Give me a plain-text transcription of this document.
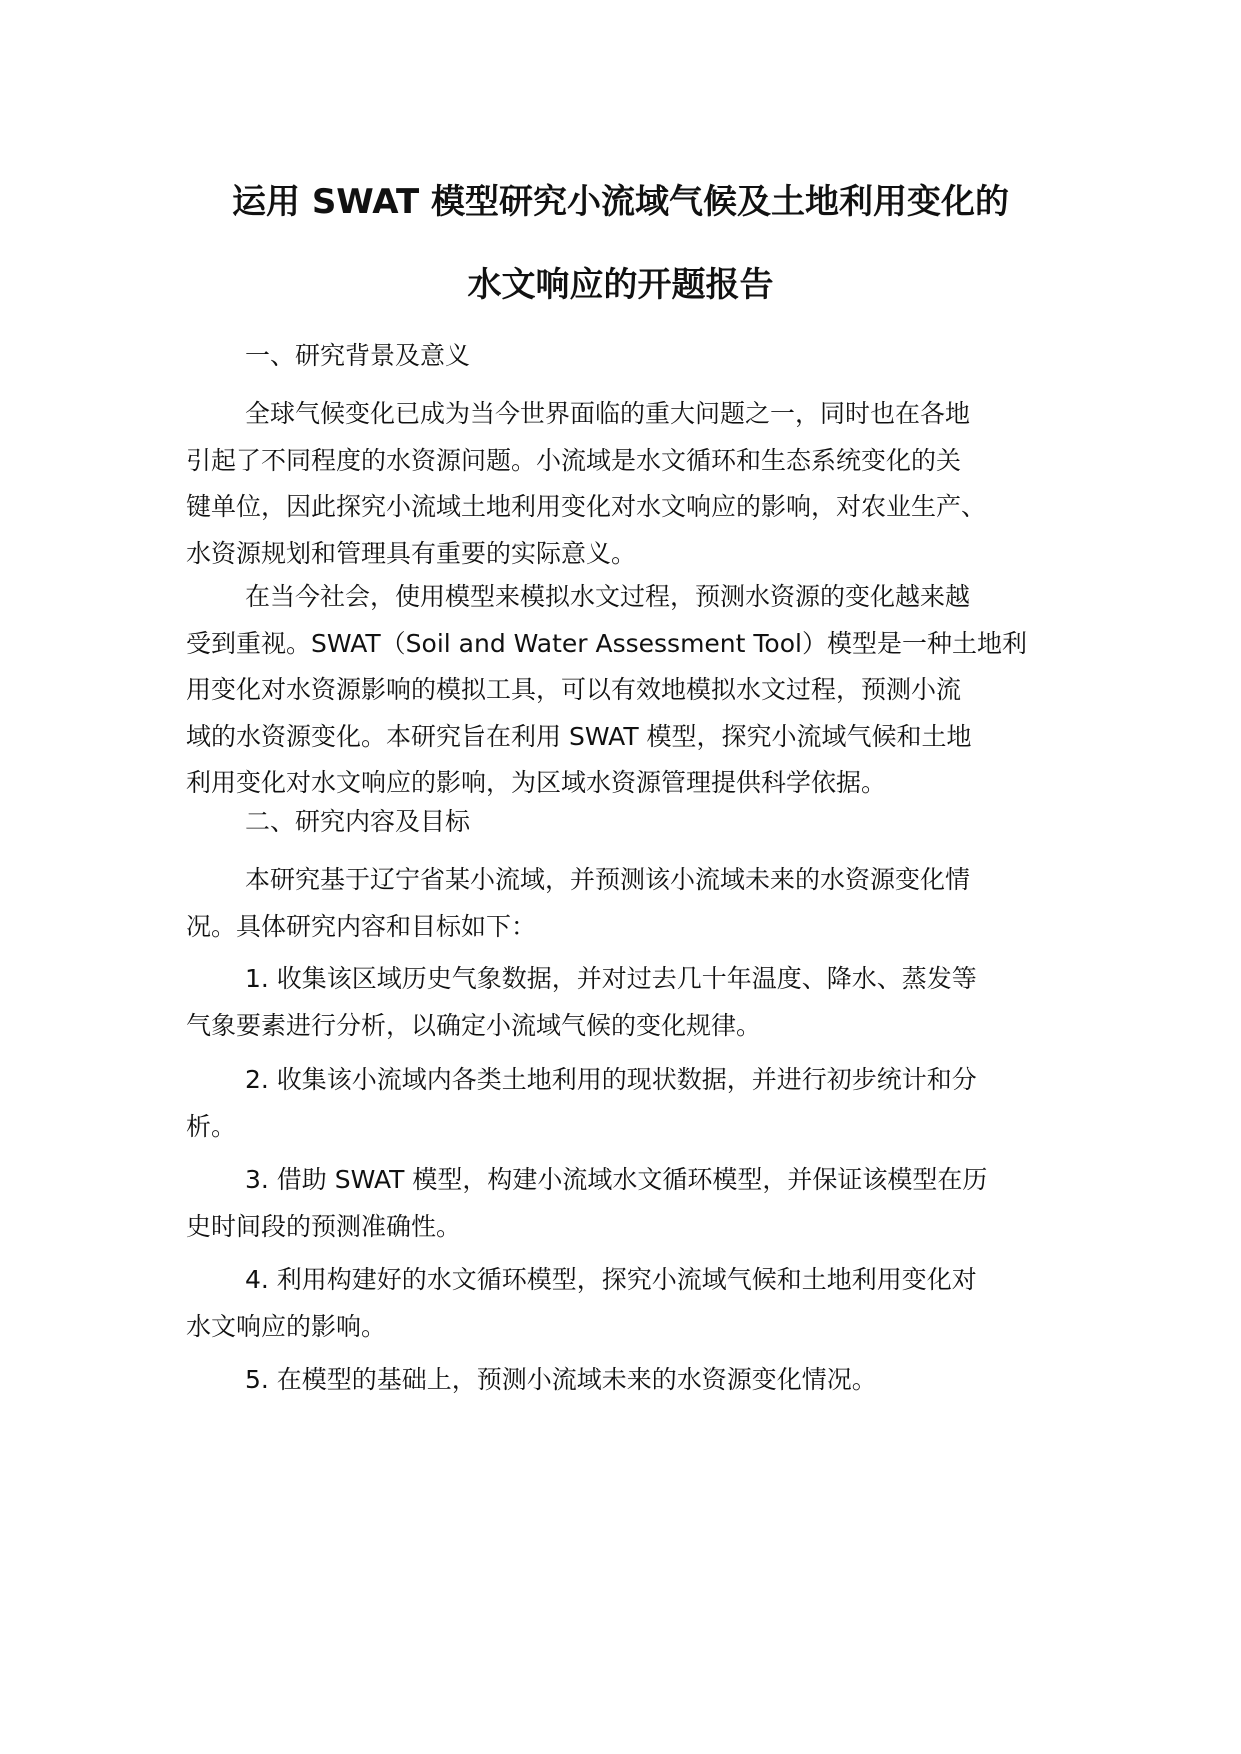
运用 SWAT 模型研究小流域气候及土地利用变化的
水文响应的开题报告

一、研究背景及意义

全球气候变化已成为当今世界面临的重大问题之一，同时也在各地
引起了不同程度的水资源问题。小流域是水文循环和生态系统变化的关
键单位，因此探究小流域土地利用变化对水文响应的影响，对农业生产、
水资源规划和管理具有重要的实际意义。

在当今社会，使用模型来模拟水文过程，预测水资源的变化越来越
受到重视。SWAT（Soil and Water Assessment Tool）模型是一种土地利
用变化对水资源影响的模拟工具，可以有效地模拟水文过程，预测小流
域的水资源变化。本研究旨在利用 SWAT 模型，探究小流域气候和土地
利用变化对水文响应的影响，为区域水资源管理提供科学依据。

二、研究内容及目标

本研究基于辽宁省某小流域，并预测该小流域未来的水资源变化情
况。具体研究内容和目标如下：

1. 收集该区域历史气象数据，并对过去几十年温度、降水、蒸发等
气象要素进行分析，以确定小流域气候的变化规律。

2. 收集该小流域内各类土地利用的现状数据，并进行初步统计和分
析。

3. 借助 SWAT 模型，构建小流域水文循环模型，并保证该模型在历
史时间段的预测准确性。

4. 利用构建好的水文循环模型，探究小流域气候和土地利用变化对
水文响应的影响。

5. 在模型的基础上，预测小流域未来的水资源变化情况。
